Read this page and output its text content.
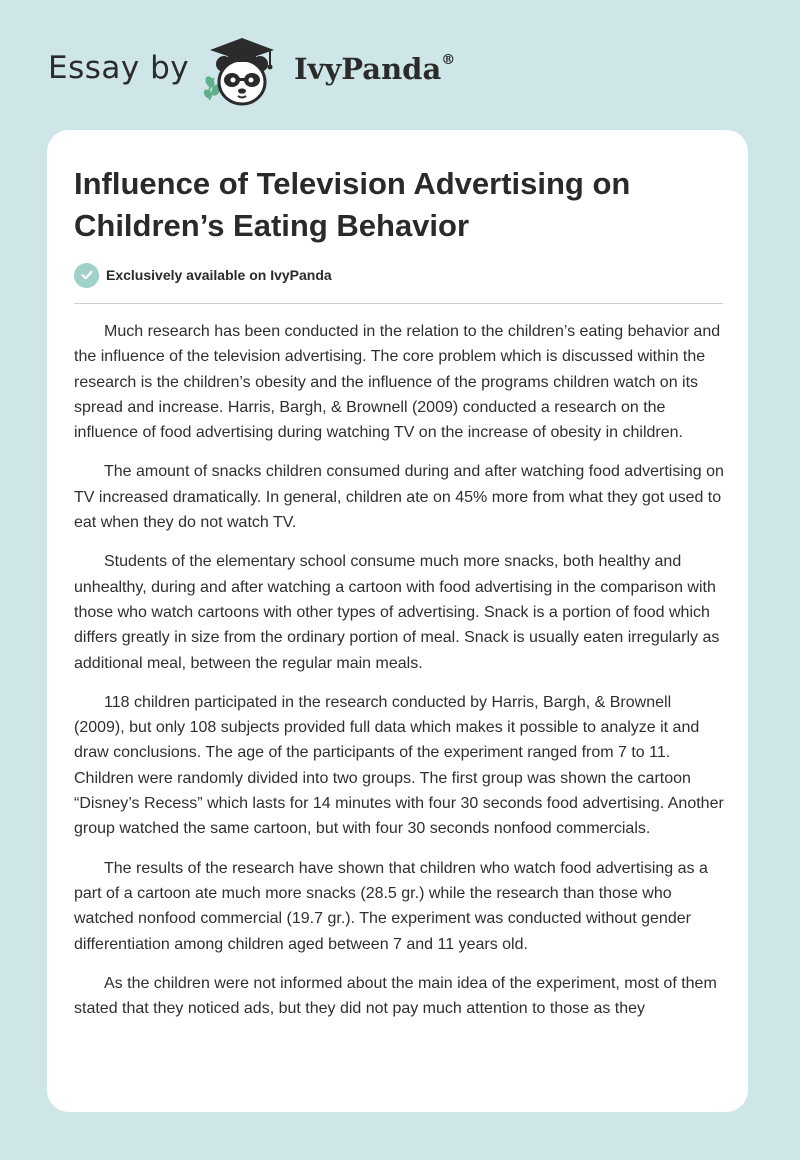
Essay by	IvyPanda®
Influence of Television Advertising on Children’s Eating Behavior
Exclusively available on IvyPanda

Much research has been conducted in the relation to the children’s eating behavior and the influence of the television advertising. The core problem which is discussed within the research is the children’s obesity and the influence of the programs children watch on its spread and increase. Harris, Bargh, & Brownell (2009) conducted a research on the influence of food advertising during watching TV on the increase of obesity in children.

The amount of snacks children consumed during and after watching food advertising on TV increased dramatically. In general, children ate on 45% more from what they got used to eat when they do not watch TV.

Students of the elementary school consume much more snacks, both healthy and unhealthy, during and after watching a cartoon with food advertising in the comparison with those who watch cartoons with other types of advertising. Snack is a portion of food which differs greatly in size from the ordinary portion of meal. Snack is usually eaten irregularly as additional meal, between the regular main meals.

118 children participated in the research conducted by Harris, Bargh, & Brownell (2009), but only 108 subjects provided full data which makes it possible to analyze it and draw conclusions. The age of the participants of the experiment ranged from 7 to 11. Children were randomly divided into two groups. The first group was shown the cartoon “Disney’s Recess” which lasts for 14 minutes with four 30 seconds food advertising. Another group watched the same cartoon, but with four 30 seconds nonfood commercials.

The results of the research have shown that children who watch food advertising as a part of a cartoon ate much more snacks (28.5 gr.) while the research than those who watched nonfood commercial (19.7 gr.). The experiment was conducted without gender differentiation among children aged between 7 and 11 years old.

As the children were not informed about the main idea of the experiment, most of them stated that they noticed ads, but they did not pay much attention to those as they
